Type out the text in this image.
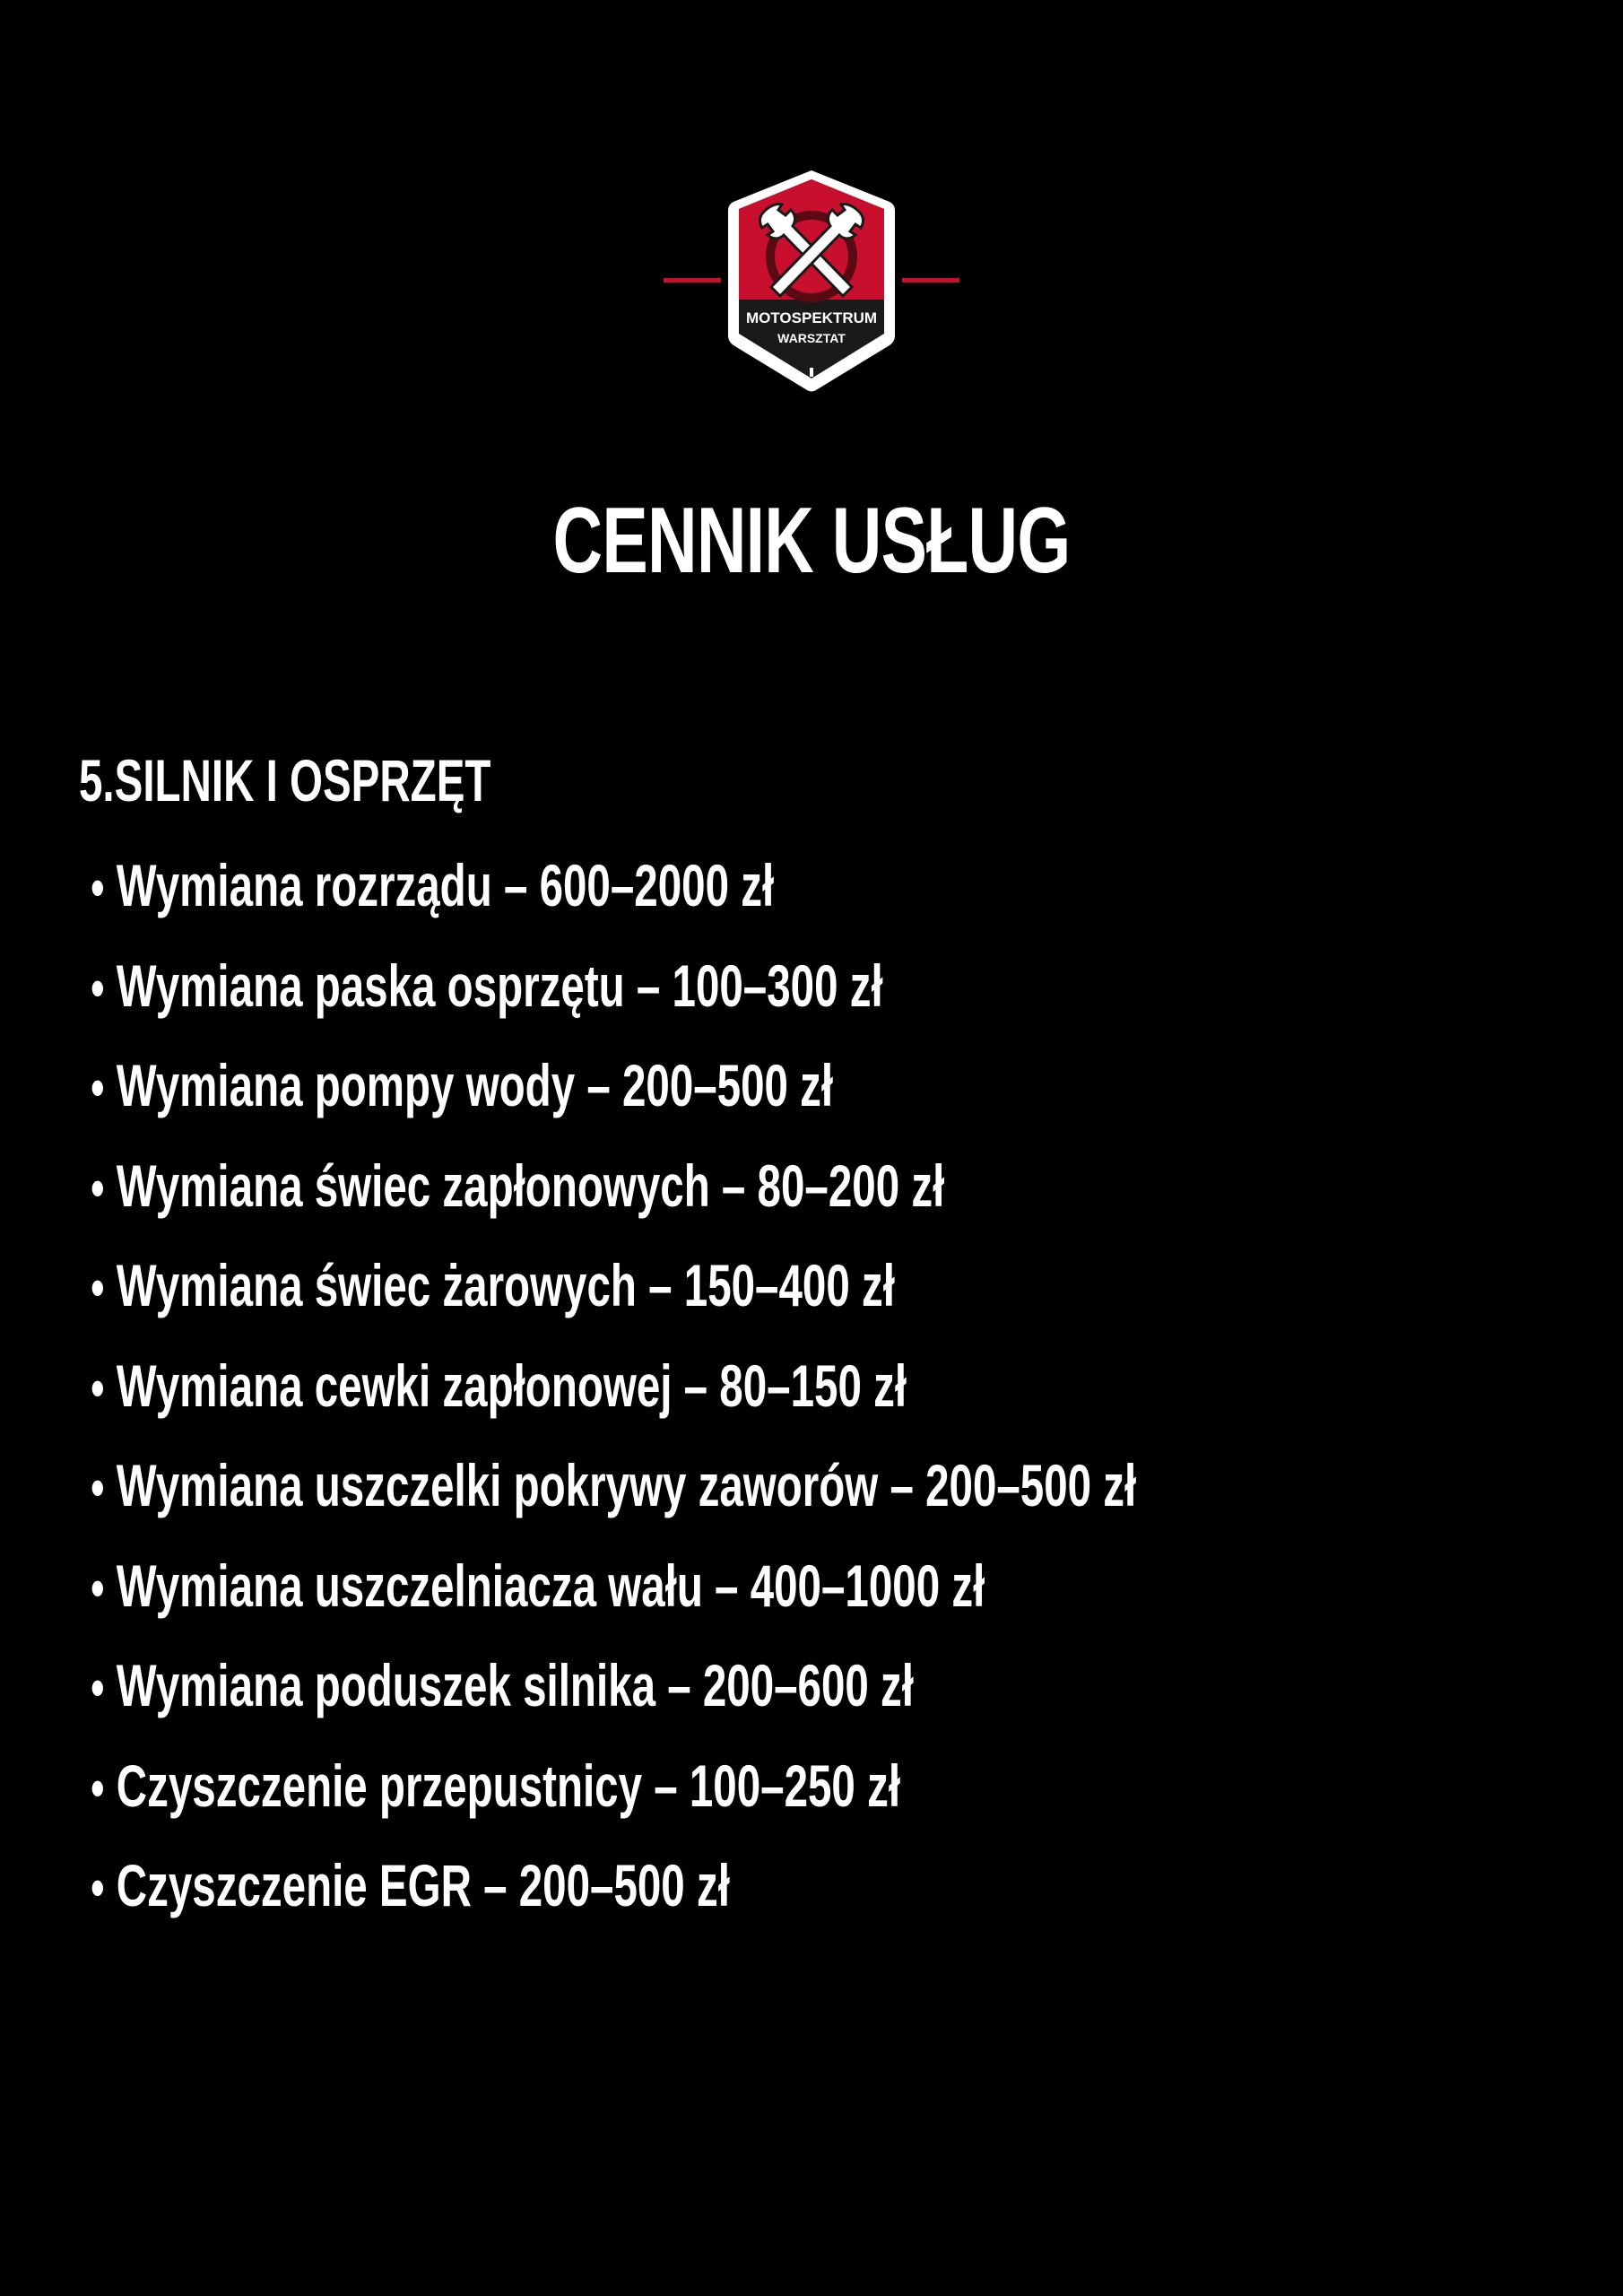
MOTOSPEKTRUM
WARSZTAT
CENNIK USŁUG
5.SILNIK I OSPRZĘT
• Wymiana rozrządu – 600–2000 zł
• Wymiana paska osprzętu – 100–300 zł
• Wymiana pompy wody – 200–500 zł
• Wymiana świec zapłonowych – 80–200 zł
• Wymiana świec żarowych – 150–400 zł
• Wymiana cewki zapłonowej – 80–150 zł
• Wymiana uszczelki pokrywy zaworów – 200–500 zł
• Wymiana uszczelniacza wału – 400–1000 zł
• Wymiana poduszek silnika – 200–600 zł
• Czyszczenie przepustnicy – 100–250 zł
• Czyszczenie EGR – 200–500 zł
